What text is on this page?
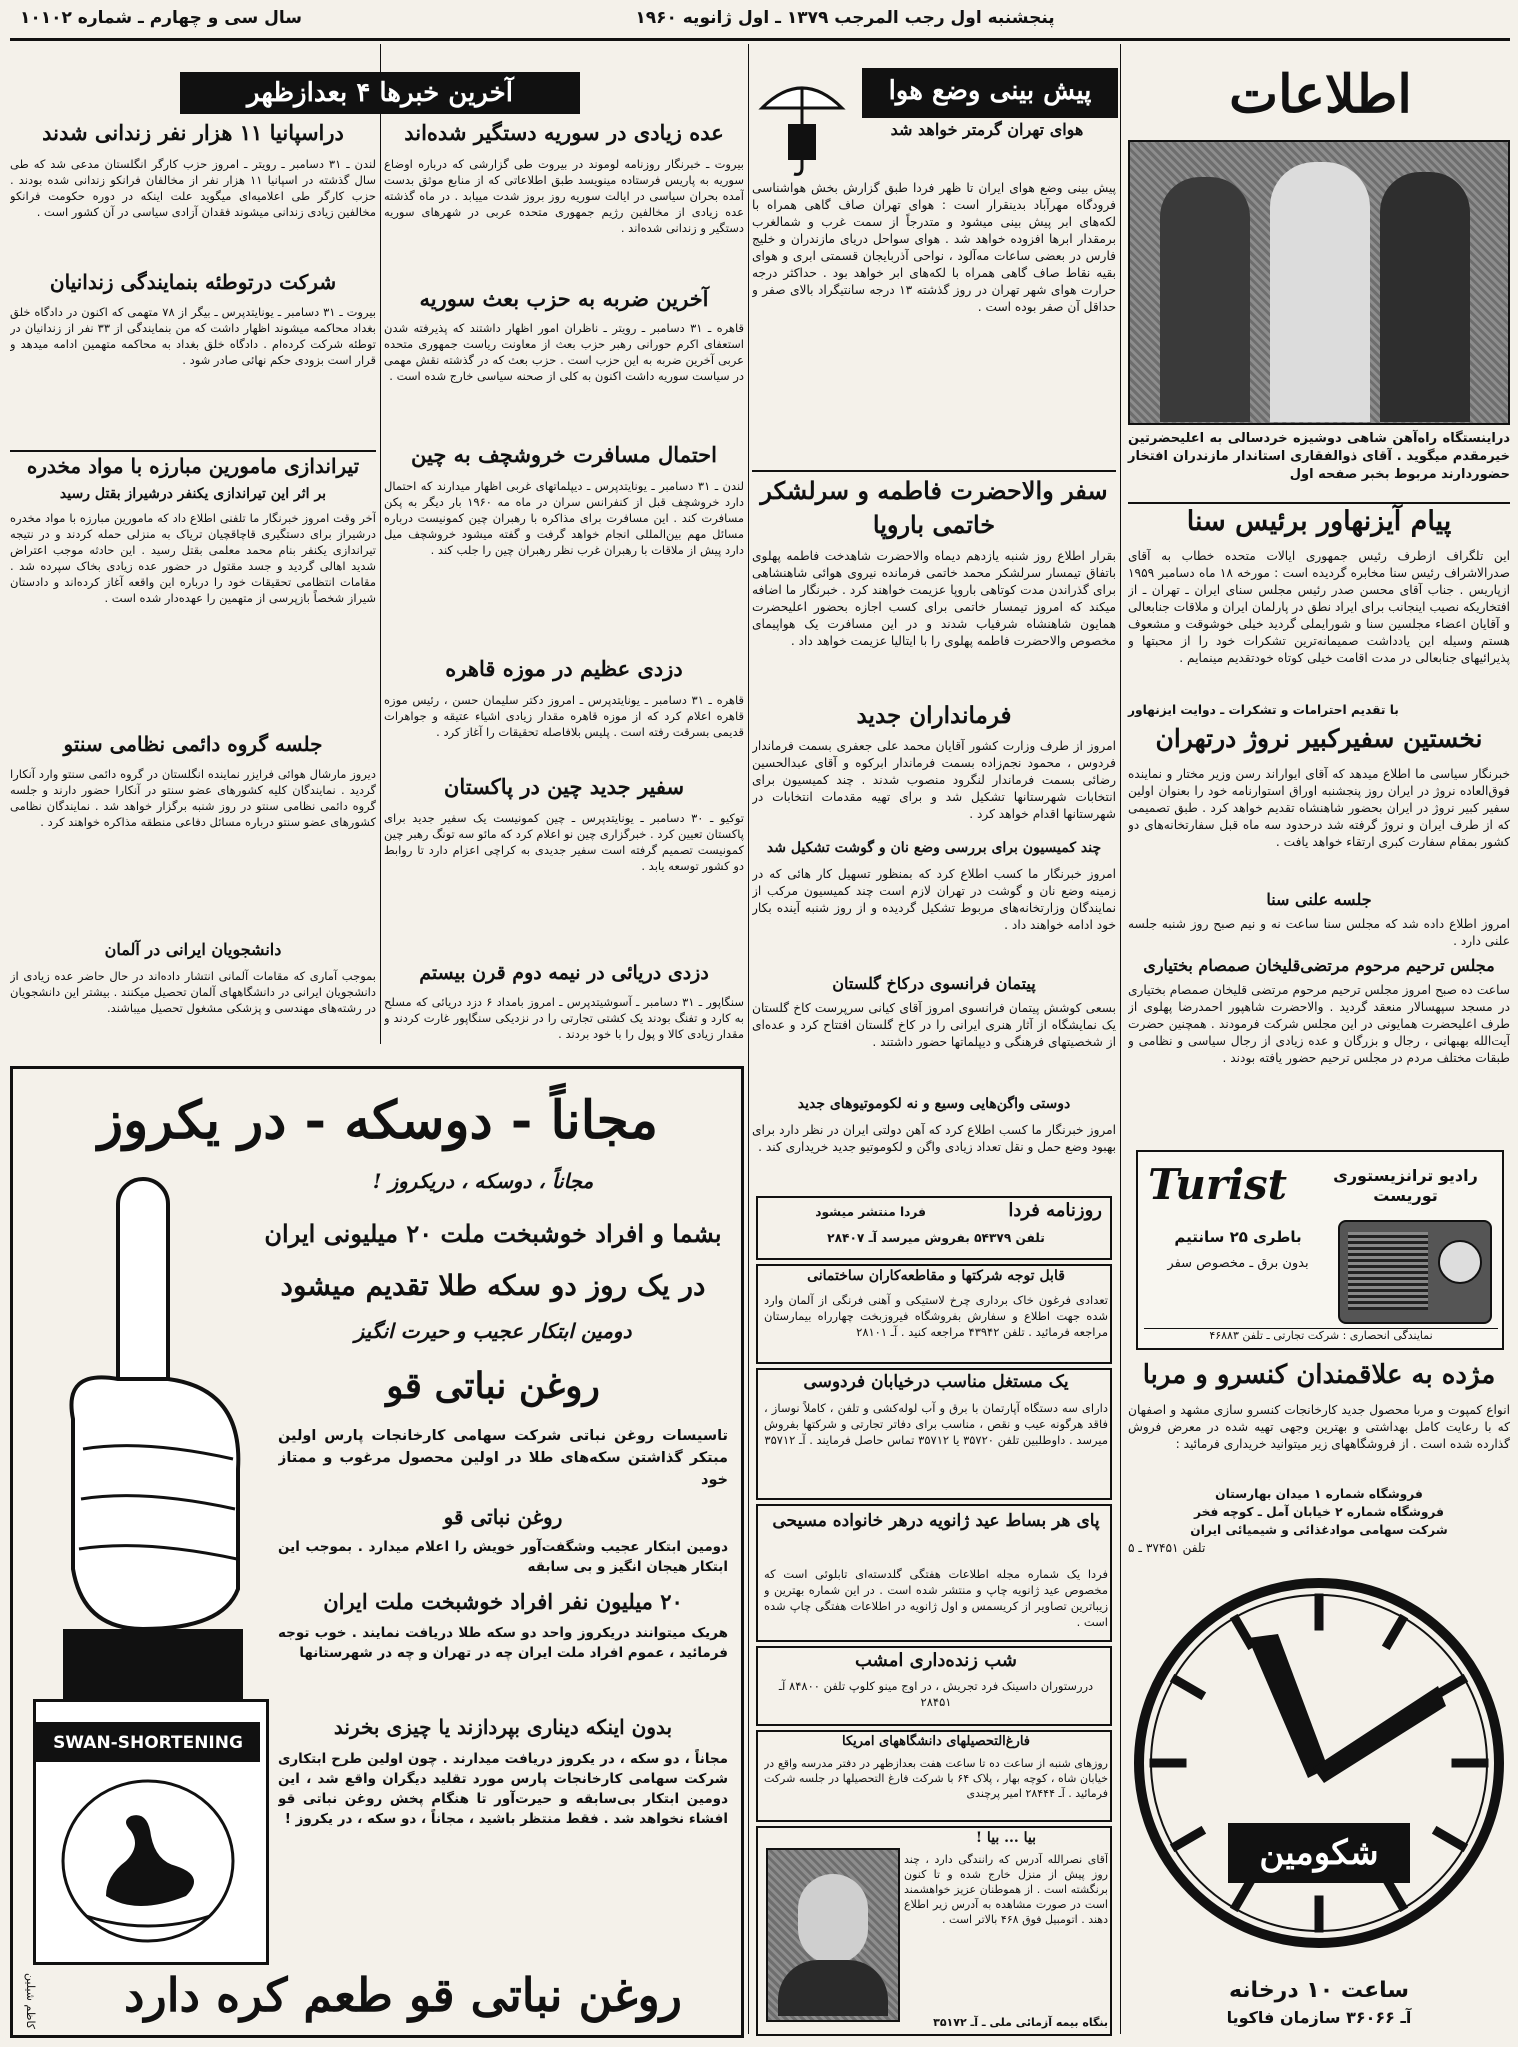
اطلاعات
پنجشنبه اول رجب المرجب ۱۳۷۹ ـ اول ژانویه ۱۹۶۰
سال سی و چهارم ـ شماره ۱۰۱۰۲
دراینستگاه راه‌آهن شاهی دوشیزه خردسالی به اعلیحضرتین خیرمقدم میگوید . آقای ذوالفقاری استاندار مازندران افتخار حضوردارند مربوط بخبر صفحه اول
پیام آیزنهاور برئیس سنا
این تلگراف ازطرف رئیس جمهوری ایالات متحده خطاب به آقای صدرالاشراف رئیس سنا مخابره گردیده است : مورخه ۱۸ ماه دسامبر ۱۹۵۹ ازپاریس . جناب آقای محسن صدر رئیس مجلس سنای ایران ـ تهران ـ از افتخاریکه نصیب اینجانب برای ایراد نطق در پارلمان ایران و ملاقات جنابعالی و آقایان اعضاء مجلسین سنا و شورایملی گردید خیلی خوشوقت و مشعوف هستم وسیله این یادداشت صمیمانه‌ترین تشکرات خود را از محبتها و پذیرائیهای جنابعالی در مدت اقامت خیلی کوتاه خودتقدیم مینمایم .
با تقدیم احترامات و تشکرات ـ دوایت ایزنهاور
نخستین سفیرکبیر نروژ درتهران
خبرنگار سیاسی ما اطلاع میدهد که آقای ایواراند رسن وزیر مختار و نماینده فوق‌العاده نروژ در ایران روز پنجشنبه اوراق استوارنامه خود را بعنوان اولین سفیر کبیر نروژ در ایران بحضور شاهنشاه تقدیم خواهد کرد . طبق تصمیمی که از طرف ایران و نروژ گرفته شد درحدود سه ماه قبل سفارتخانه‌های دو کشور بمقام سفارت کبری ارتقاء خواهد یافت .
جلسه علنی سنا
امروز اطلاع داده شد که مجلس سنا ساعت نه و نیم صبح روز شنبه جلسه علنی دارد .
مجلس ترحیم مرحوم مرتضی‌قلیخان صمصام بختیاری
ساعت ده صبح امروز مجلس ترحیم مرحوم مرتضی قلیخان صمصام بختیاری در مسجد سپهسالار منعقد گردید . والاحضرت شاهپور احمدرضا پهلوی از طرف اعلیحضرت همایونی در این مجلس شرکت فرمودند . همچنین حضرت آیت‌الله بهبهانی ، رجال و بزرگان و عده زیادی از رجال سیاسی و نظامی و طبقات مختلف مردم در مجلس ترحیم حضور یافته بودند .
Turist	رادیو ترانزیستوری توریست
باطری ۲۵ سانتیم
بدون برق ـ مخصوص سفر
نمایندگی انحصاری : شرکت تجارتی ـ تلفن ۴۶۸۸۳
مژده به علاقمندان کنسرو و مربا
انواع کمپوت و مربا محصول جدید کارخانجات کنسرو سازی مشهد و اصفهان که با رعایت کامل بهداشتی و بهترین وجهی تهیه شده در معرض فروش گذارده شده است . از فروشگاههای زیر میتوانید خریداری فرمائید :
فروشگاه شماره ۱ میدان بهارستان
فروشگاه شماره ۲ خیابان آمل ـ کوچه فخر
شرکت سهامی موادغذائی و شیمیائی ایران
تلفن ۳۷۴۵۱ ـ ۵
شکومین
ساعت ۱۰ درخانه
آـ ۳۶۰۶۶ سازمان فاکویا
پیش بینی وضع هوا
هوای تهران گرمتر خواهد شد
پیش بینی وضع هوای ایران تا ظهر فردا طبق گزارش بخش هواشناسی فرودگاه مهرآباد بدینقرار است : هوای تهران صاف گاهی همراه با لکه‌های ابر پیش بینی میشود و متدرجاً از سمت غرب و شمالغرب برمقدار ابرها افزوده خواهد شد . هوای سواحل دریای مازندران و خلیج فارس در بعضی ساعات مه‌آلود ، نواحی آذربایجان قسمتی ابری و هوای بقیه نقاط صاف گاهی همراه با لکه‌های ابر خواهد بود . حداکثر درجه حرارت هوای شهر تهران در روز گذشته ۱۳ درجه سانتیگراد بالای صفر و حداقل آن صفر بوده است .
سفر والاحضرت فاطمه و سرلشکر خاتمی باروپا
بقرار اطلاع روز شنبه یازدهم دیماه والاحضرت شاهدخت فاطمه پهلوی باتفاق تیمسار سرلشکر محمد خاتمی فرمانده نیروی هوائی شاهنشاهی برای گذراندن مدت کوتاهی باروپا عزیمت خواهند کرد . خبرنگار ما اضافه میکند که امروز تیمسار خاتمی برای کسب اجازه بحضور اعلیحضرت همایون شاهنشاه شرفیاب شدند و در این مسافرت یک هواپیمای مخصوص والاحضرت فاطمه پهلوی را با ایتالیا عزیمت خواهد داد .
فرمانداران جدید
امروز از طرف وزارت کشور آقایان محمد علی جعفری بسمت فرماندار فردوس ، محمود نجم‌زاده بسمت فرماندار ابرکوه و آقای عبدالحسین رضائی بسمت فرماندار لنگرود منصوب شدند . چند کمیسیون برای انتخابات شهرستانها تشکیل شد و برای تهیه مقدمات انتخابات در شهرستانها اقدام خواهد کرد .
چند کمیسیون برای بررسی وضع نان و گوشت تشکیل شد
امروز خبرنگار ما کسب اطلاع کرد که بمنظور تسهیل کار هائی که در زمینه وضع نان و گوشت در تهران لازم است چند کمیسیون مرکب از نمایندگان وزارتخانه‌های مربوط تشکیل گردیده و از روز شنبه آینده بکار خود ادامه خواهند داد .
پیتمان فرانسوی درکاخ گلستان
بسعی کوشش پیتمان فرانسوی امروز آقای کیانی سرپرست کاخ گلستان یک نمایشگاه از آثار هنری ایرانی را در کاخ گلستان افتتاح کرد و عده‌ای از شخصیتهای فرهنگی و دیپلماتها حضور داشتند .
دوستی واگن‌هایی وسیع و نه لکوموتیوهای جدید
امروز خبرنگار ما کسب اطلاع کرد که آهن دولتی ایران در نظر دارد برای بهبود وضع حمل و نقل تعداد زیادی واگن و لکوموتیو جدید خریداری کند .
روزنامه فردا
فردا منتشر میشود
تلفن ۵۴۳۷۹ بفروش میرسد آـ ۲۸۴۰۷
قابل توجه شرکتها و مقاطعه‌کاران ساختمانی
تعدادی فرغون خاک برداری چرخ لاستیکی و آهنی فرنگی از آلمان وارد شده جهت اطلاع و سفارش بفروشگاه فیروزبخت چهارراه بیمارستان مراجعه فرمائید . تلفن ۴۳۹۴۲ مراجعه کنید . آـ ۲۸۱۰۱
یک مستغل مناسب درخیابان فردوسی
دارای سه دستگاه آپارتمان با برق و آب لوله‌کشی و تلفن ، کاملاً نوساز ، فاقد هرگونه عیب و نقص ، مناسب برای دفاتر تجارتی و شرکتها بفروش میرسد . داوطلبین تلفن ۳۵۷۲۰ یا ۳۵۷۱۲ تماس حاصل فرمایند . آـ ۳۵۷۱۲
پای هر بساط عید ژانویه درهر خانواده مسیحی
فردا یک شماره مجله اطلاعات هفتگی گلدسته‌ای تابلوئی است که مخصوص عید ژانویه چاپ و منتشر شده است . در این شماره بهترین و زیباترین تصاویر از کریسمس و اول ژانویه در اطلاعات هفتگی چاپ شده است .
شب زنده‌داری امشب
دررستوران داسینک فرد تجریش ، در اوج مینو کلوپ تلفن ۸۴۸۰۰ آـ ۲۸۴۵۱
فارغ‌التحصیلهای دانشگاههای امریکا
روزهای شنبه از ساعت ده تا ساعت هفت بعدازظهر در دفتر مدرسه واقع در خیابان شاه ، کوچه بهار ، پلاک ۶۴ با شرکت فارغ التحصیلها در جلسه شرکت فرمائید . آـ ۲۸۴۴۴ امیر پرچندی
بیا ... بیا !
آقای نصرالله آدرس که رانندگی دارد ، چند روز پیش از منزل خارج شده و تا کنون برنگشته است . از هموطنان عزیز خواهشمند است در صورت مشاهده به آدرس زیر اطلاع دهند . اتومبیل فوق ۴۶۸ بالاتر است .
بنگاه بیمه آزمائی ملی ـ آـ ۳۵۱۷۲
آخرین خبرها ۴ بعدازظهر
عده زیادی در سوریه دستگیر شده‌اند
بیروت ـ خبرنگار روزنامه لوموند در بیروت طی گزارشی که درباره اوضاع سوریه به پاریس فرستاده مینویسد طبق اطلاعاتی که از منابع موثق بدست آمده بحران سیاسی در ایالت سوریه روز بروز شدت مییابد . در ماه گذشته عده زیادی از مخالفین رژیم جمهوری متحده عربی در شهرهای سوریه دستگیر و زندانی شده‌اند .
آخرین ضربه به حزب بعث سوریه
قاهره ـ ۳۱ دسامبر ـ رویتر ـ ناظران امور اظهار داشتند که پذیرفته شدن استعفای اکرم حورانی رهبر حزب بعث از معاونت ریاست جمهوری متحده عربی آخرین ضربه به این حزب است . حزب بعث که در گذشته نقش مهمی در سیاست سوریه داشت اکنون به کلی از صحنه سیاسی خارج شده است .
احتمال مسافرت خروشچف به چین
لندن ـ ۳۱ دسامبر ـ یونایتدپرس ـ دیپلماتهای غربی اظهار میدارند که احتمال دارد خروشچف قبل از کنفرانس سران در ماه مه ۱۹۶۰ بار دیگر به پکن مسافرت کند . این مسافرت برای مذاکره با رهبران چین کمونیست درباره مسائل مهم بین‌المللی انجام خواهد گرفت و گفته میشود خروشچف میل دارد پیش از ملاقات با رهبران غرب نظر رهبران چین را جلب کند .
دزدی عظیم در موزه قاهره
قاهره ـ ۳۱ دسامبر ـ یونایتدپرس ـ امروز دکتر سلیمان حسن ، رئیس موزه قاهره اعلام کرد که از موزه قاهره مقدار زیادی اشیاء عتیقه و جواهرات قدیمی بسرقت رفته است . پلیس بلافاصله تحقیقات را آغاز کرد .
سفیر جدید چین در پاکستان
توکیو ـ ۳۰ دسامبر ـ یونایتدپرس ـ چین کمونیست یک سفیر جدید برای پاکستان تعیین کرد . خبرگزاری چین نو اعلام کرد که مائو سه تونگ رهبر چین کمونیست تصمیم گرفته است سفیر جدیدی به کراچی اعزام دارد تا روابط دو کشور توسعه یابد .
دزدی دریائی در نیمه دوم قرن بیستم
سنگاپور ـ ۳۱ دسامبر ـ آسوشیتدپرس ـ امروز بامداد ۶ دزد دریائی که مسلح به کارد و تفنگ بودند یک کشتی تجارتی را در نزدیکی سنگاپور غارت کردند و مقدار زیادی کالا و پول را با خود بردند .
دراسپانیا ۱۱ هزار نفر زندانی شدند
لندن ـ ۳۱ دسامبر ـ رویتر ـ امروز حزب کارگر انگلستان مدعی شد که طی سال گذشته در اسپانیا ۱۱ هزار نفر از مخالفان فرانکو زندانی شده بودند . حزب کارگر طی اعلامیه‌ای میگوید علت اینکه در دوره حکومت فرانکو مخالفین زیادی زندانی میشوند فقدان آزادی سیاسی در آن کشور است .
شرکت درتوطئه بنمایندگی زندانیان
بیروت ـ ۳۱ دسامبر ـ یونایتدپرس ـ بیگر از ۷۸ متهمی که اکنون در دادگاه خلق بغداد محاکمه میشوند اظهار داشت که من بنمایندگی از ۳۳ نفر از زندانیان در توطئه شرکت کرده‌ام . دادگاه خلق بغداد به محاکمه متهمین ادامه میدهد و قرار است بزودی حکم نهائی صادر شود .
تیراندازی مامورین مبارزه با مواد مخدره
بر اثر این تیراندازی یکنفر درشیراز بقتل رسید
آخر وقت امروز خبرنگار ما تلفنی اطلاع داد که مامورین مبارزه با مواد مخدره درشیراز برای دستگیری قاچاقچیان تریاک به منزلی حمله کردند و در نتیجه تیراندازی یکنفر بنام محمد معلمی بقتل رسید . این حادثه موجب اعتراض شدید اهالی گردید و جسد مقتول در حضور عده زیادی بخاک سپرده شد . مقامات انتظامی تحقیقات خود را درباره این واقعه آغاز کرده‌اند و دادستان شیراز شخصاً بازپرسی از متهمین را عهده‌دار شده است .
جلسه گروه دائمی نظامی سنتو
دیروز مارشال هوائی فرایزر نماینده انگلستان در گروه دائمی سنتو وارد آنکارا گردید . نمایندگان کلیه کشورهای عضو سنتو در آنکارا حضور دارند و جلسه گروه دائمی نظامی سنتو در روز شنبه برگزار خواهد شد . نمایندگان نظامی کشورهای عضو سنتو درباره مسائل دفاعی منطقه مذاکره خواهند کرد .
دانشجویان ایرانی در آلمان
بموجب آماری که مقامات آلمانی انتشار داده‌اند در حال حاضر عده زیادی از دانشجویان ایرانی در دانشگاههای آلمان تحصیل میکنند . بیشتر این دانشجویان در رشته‌های مهندسی و پزشکی مشغول تحصیل میباشند.
مجاناً - دوسکه - در یکروز
مجاناً ، دوسکه ، دریکروز !
بشما و افراد خوشبخت ملت ۲۰ میلیونی ایران
در یک روز دو سکه طلا تقدیم میشود
دومین ابتکار عجیب و حیرت انگیز
روغن نباتی قو
SWAN-SHORTENING
تاسیسات روغن نباتی شرکت سهامی کارخانجات پارس اولین مبتکر گذاشتن سکه‌های طلا در اولین محصول مرغوب و ممتاز خود
روغن نباتی قو
دومین ابتکار عجیب وشگفت‌آور خویش را اعلام میدارد . بموجب این ابتکار هیجان انگیز و بی سابقه
۲۰ میلیون نفر افراد خوشبخت ملت ایران
هریک میتوانند دریکروز واحد دو سکه طلا دریافت نمایند . خوب توجه فرمائید ، عموم افراد ملت ایران چه در تهران و چه در شهرستانها
بدون اینکه دیناری بپردازند یا چیزی بخرند
مجاناً ، دو سکه ، در یکروز دریافت میدارند . چون اولین طرح ابتکاری شرکت سهامی کارخانجات پارس مورد تقلید دیگران واقع شد ، این دومین ابتکار بی‌سابقه و حیرت‌آور تا هنگام پخش روغن نباتی قو افشاء نخواهد شد . فقط منتظر باشید ، مجاناً ، دو سکه ، در یکروز !
روغن نباتی قو طعم کره دارد
کاظم شیلین
